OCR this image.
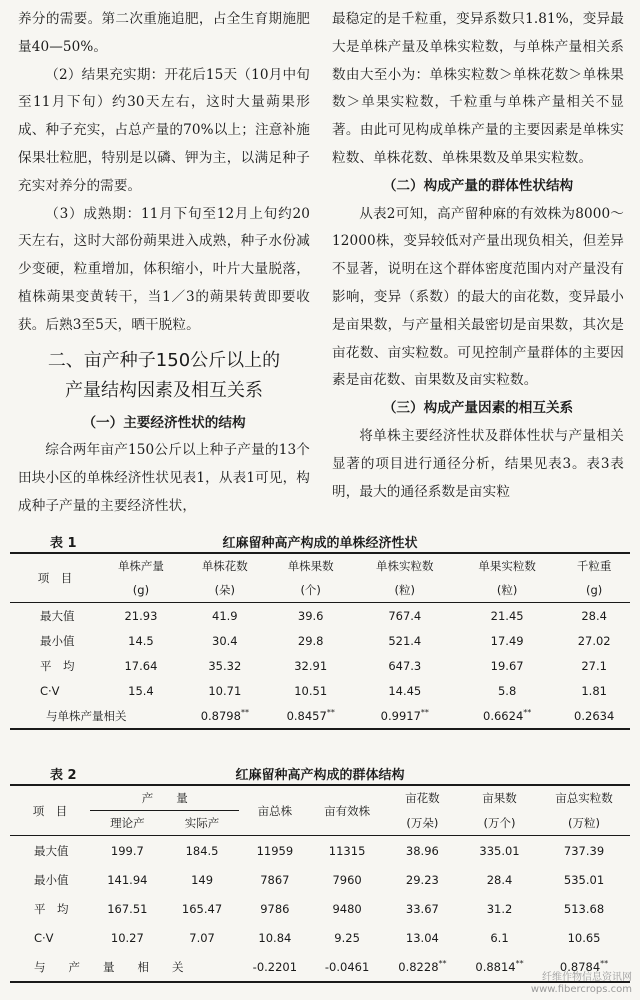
养分的需要。第二次重施追肥，占全生育期施肥量40—50%。

（2）结果充实期：开花后15天（10月中旬至11月下旬）约30天左右，这时大量蒴果形成、种子充实，占总产量的70%以上；注意补施保果壮粒肥，特别是以磷、钾为主，以满足种子充实对养分的需要。

（3）成熟期：11月下旬至12月上旬约20天左右，这时大部份蒴果进入成熟，种子水份减少变硬，粒重增加，体积缩小，叶片大量脱落，植株蒴果变黄转干，当1／3的蒴果转黄即要收获。后熟3至5天，晒干脱粒。

二、亩产种子150公斤以上的
产量结构因素及相互关系

（一）主要经济性状的结构

综合两年亩产150公斤以上种子产量的13个田块小区的单株经济性状见表1，从表1可见，构成种子产量的主要经济性状，

最稳定的是千粒重，变异系数只1.81%，变异最大是单株产量及单株实粒数，与单株产量相关系数由大至小为：单株实粒数＞单株花数＞单株果数＞单果实粒数，千粒重与单株产量相关不显著。由此可见构成单株产量的主要因素是单株实粒数、单株花数、单株果数及单果实粒数。

（二）构成产量的群体性状结构

从表2可知，高产留种麻的有效株为8000～12000株，变异较低对产量出现负相关，但差异不显著，说明在这个群体密度范围内对产量没有影响，变异（系数）的最大的亩花数，变异最小是亩果数，与产量相关最密切是亩果数，其次是亩花数、亩实粒数。可见控制产量群体的主要因素是亩花数、亩果数及亩实粒数。

（三）构成产量因素的相互关系

将单株主要经济性状及群体性状与产量相关显著的项目进行通径分析，结果见表3。表3表明，最大的通径系数是亩实粒

表 1	红麻留种高产构成的单株经济性状
项　目	单株产量	单株花数	单株果数	单株实粒数	单果实粒数	千粒重
	(g)	(朵)	(个)	(粒)	(粒)	(g)
最大值	21.93	41.9	39.6	767.4	21.45	28.4
最小值	14.5	30.4	29.8	521.4	17.49	27.02
平　均	17.64	35.32	32.91	647.3	19.67	27.1
C·V	15.4	10.71	10.51	14.45	5.8	1.81
与单株产量相关		0.8798**	0.8457**	0.9917**	0.6624**	0.2634
表 2	红麻留种高产构成的群体结构
项　目	产　　量		亩总株	亩有效株	亩花数	亩果数	亩总实粒数
	理论产	实际产			(万朵)	(万个)	(万粒)
最大值	199.7	184.5	11959	11315	38.96	335.01	737.39
最小值	141.94	149	7867	7960	29.23	28.4	535.01
平　均	167.51	165.47	9786	9480	33.67	31.2	513.68
C·V	10.27	7.07	10.84	9.25	13.04	6.1	10.65
与　　产　　量　　相　　关			-0.2201	-0.0461	0.8228**	0.8814**	0.8784**
纤维作物信息资讯网
www.fibercrops.com
